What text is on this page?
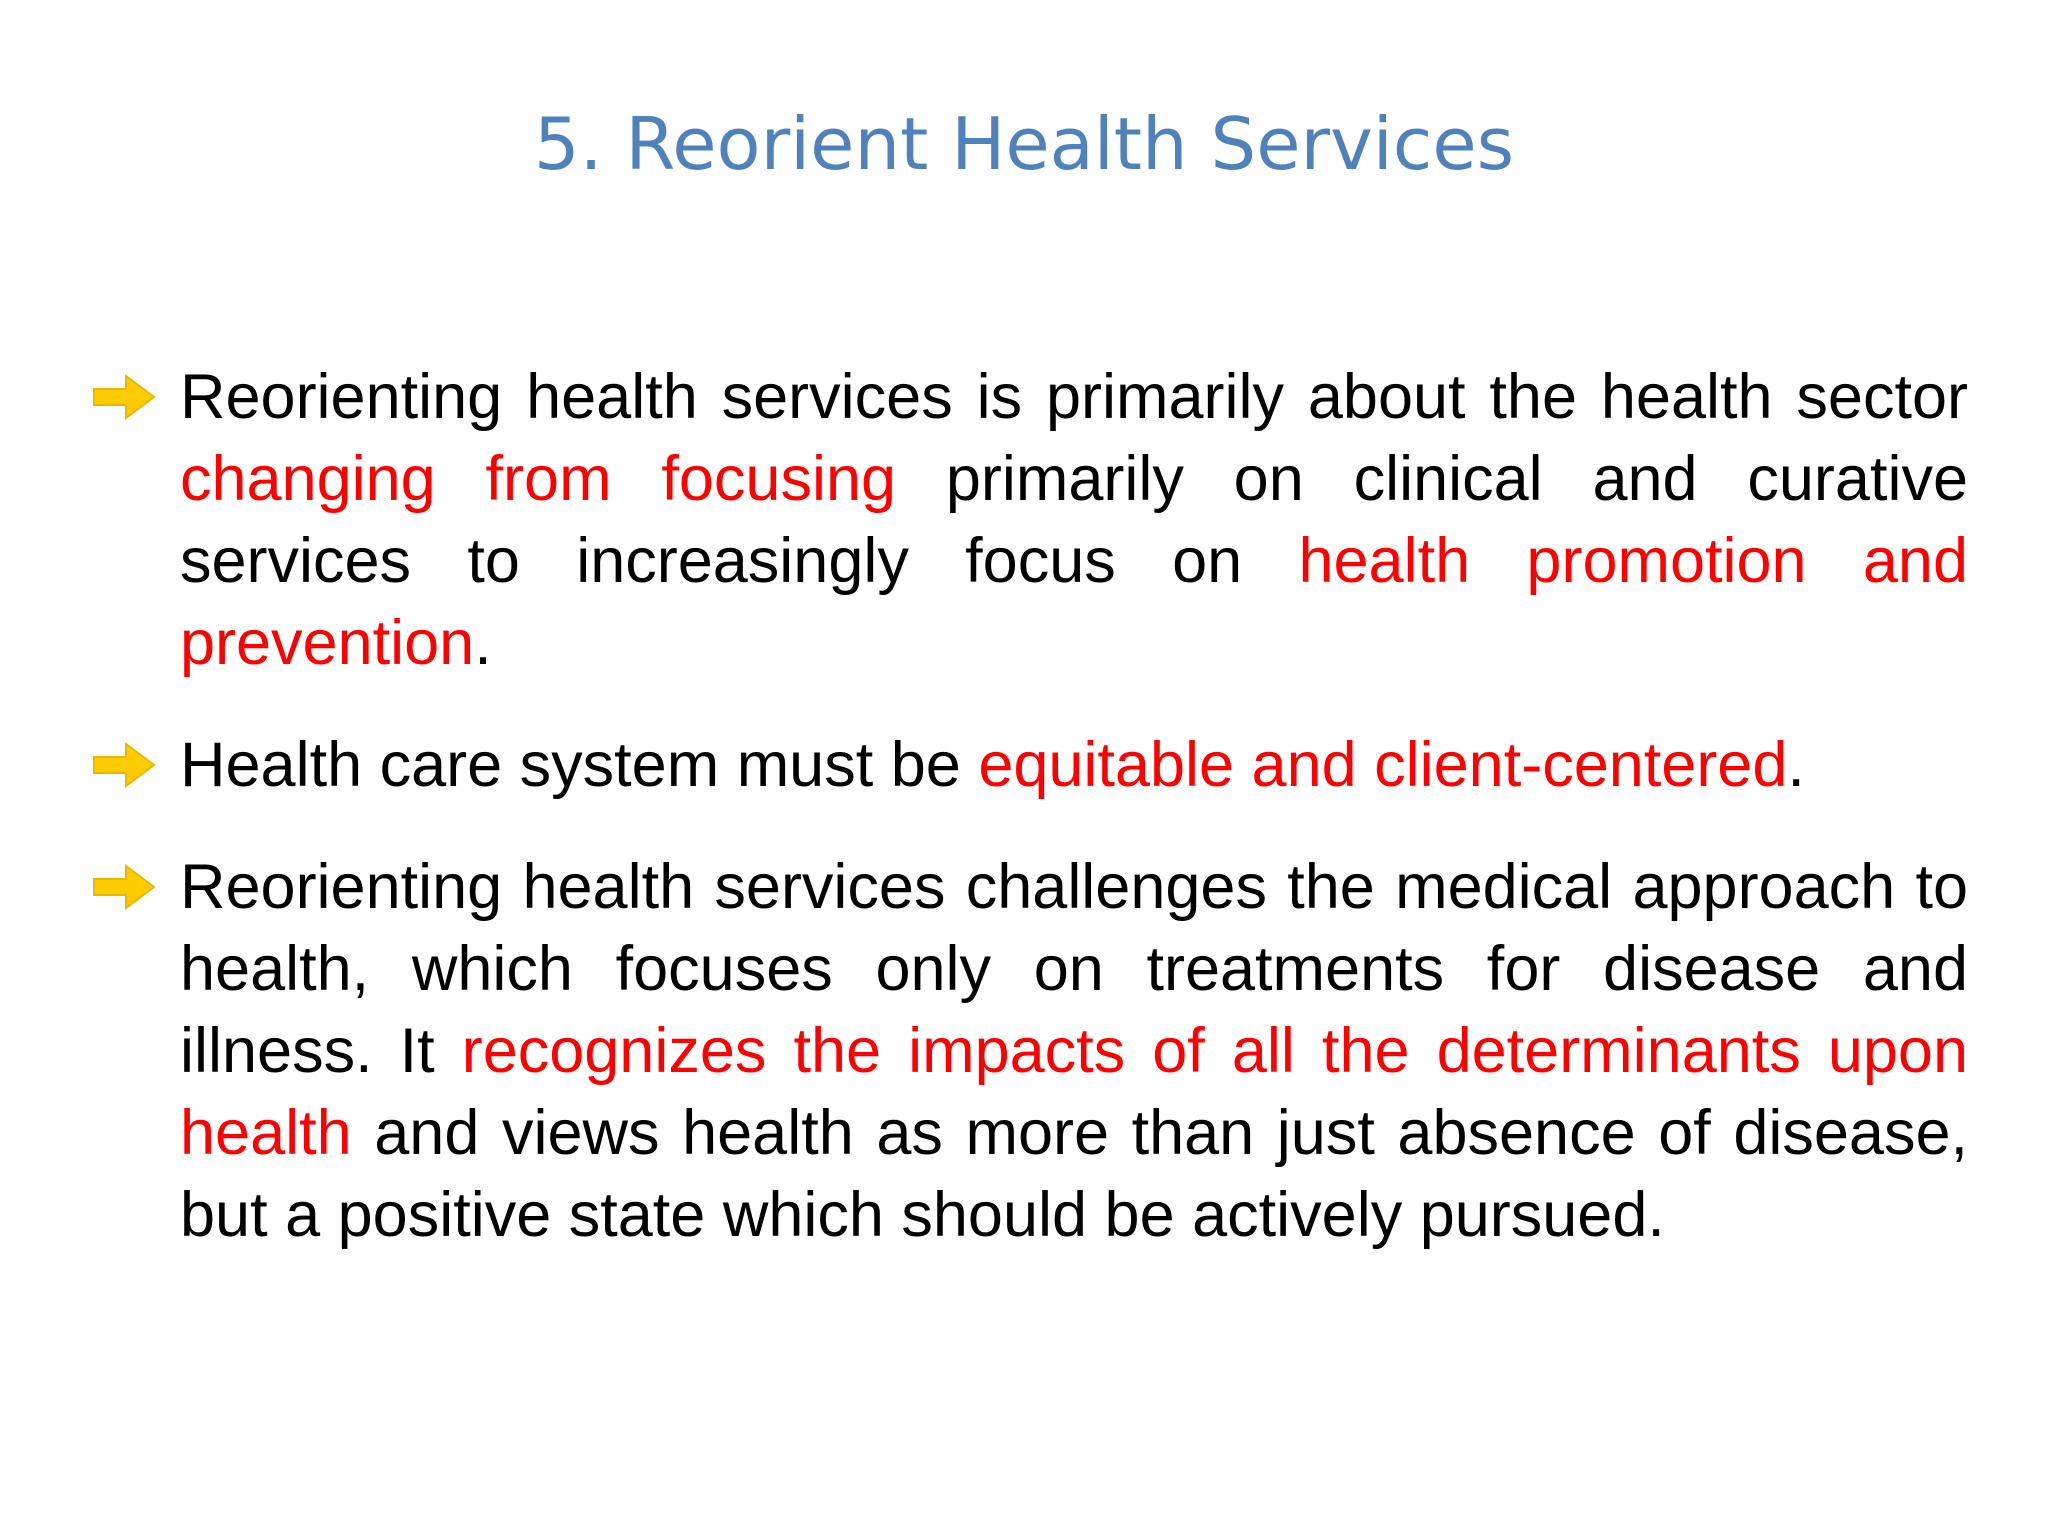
5. Reorient Health Services
Reorienting health services is primarily about the health sector changing from focusing primarily on clinical and curative services to increasingly focus on health promotion and prevention.
Health care system must be equitable and client-centered.
Reorienting health services challenges the medical approach to health, which focuses only on treatments for disease and illness. It recognizes the impacts of all the determinants upon health and views health as more than just absence of disease, but a positive state which should be actively pursued.
